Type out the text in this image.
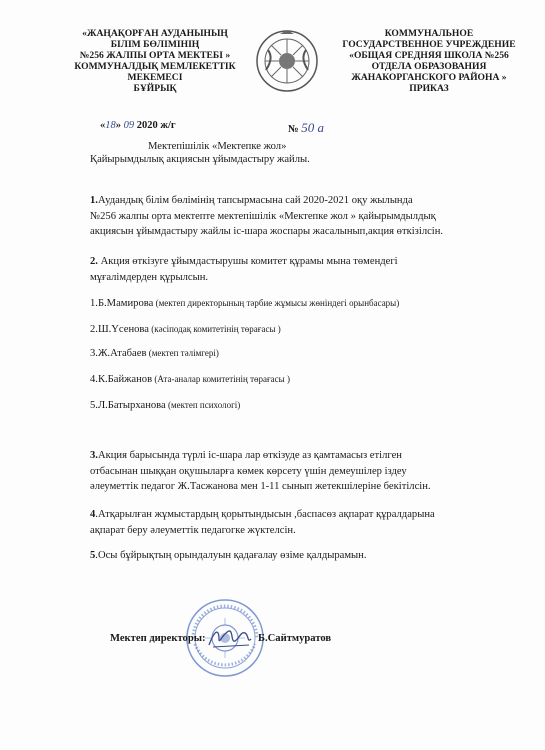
«ЖАҢАҚОРҒАН АУДАНЫНЫҢ
БІЛІМ БӨЛІМІНІҢ
№256 ЖАЛПЫ ОРТА МЕКТЕБІ »
КОММУНАЛДЫҚ МЕМЛЕКЕТТІК
МЕКЕМЕСІ
БҰЙРЫҚ
КОММУНАЛЬНОЕ
ГОСУДАРСТВЕННОЕ УЧРЕЖДЕНИЕ
«ОБЩАЯ СРЕДНЯЯ ШКОЛА №256
ОТДЕЛА ОБРАЗОВАНИЯ
ЖАНАКОРГАНСКОГО РАЙОНА »
ПРИКАЗ
«18» 09 2020 ж/г	№ 50 а
Мектепішілік «Мектепке жол»
Қайырымдылық акциясын ұйымдастыру жайлы.
1.Аудандық білім бөлімінің тапсырмасына сай 2020-2021 оқу жылында
№256 жалпы орта мектепте мектепішілік «Мектепке жол » қайырымдылдық
акциясын ұйымдастыру жайлы іс-шара жоспары жасалынып,акция өткізілсін.
2. Акция өткізуге ұйымдастырушы комитет құрамы мына төмендегі
мұғалімдерден құрылсын.
1.Б.Мамирова (мектеп директорының тәрбие жұмысы жөніндегі орынбасары)
2.Ш.Үсенова (кәсіподақ комитетінің төрағасы )
3.Ж.Атабаев (мектеп тәлімгері)
4.К.Байжанов (Ата-аналар комитетінің төрағасы )
5.Л.Батырханова (мектеп психологі)
3.Акция барысында түрлі іс-шара лар өткізуде аз қамтамасыз етілген
отбасынан шыққан оқушыларға көмек көрсету үшін демеушілер іздеу
әлеуметтік педагог Ж.Тасжанова мен 1-11 сынып жетекшілеріне бекітілсін.
4.Атқарылған жұмыстардың қорытындысын ,баспасөз ақпарат құралдарына
ақпарат беру әлеуметтік педагогке жүктелсін.
5.Осы бұйрықтың орындалуын қадағалау өзіме қалдырамын.
Мектеп директоры:	Б.Сайтмуратов
